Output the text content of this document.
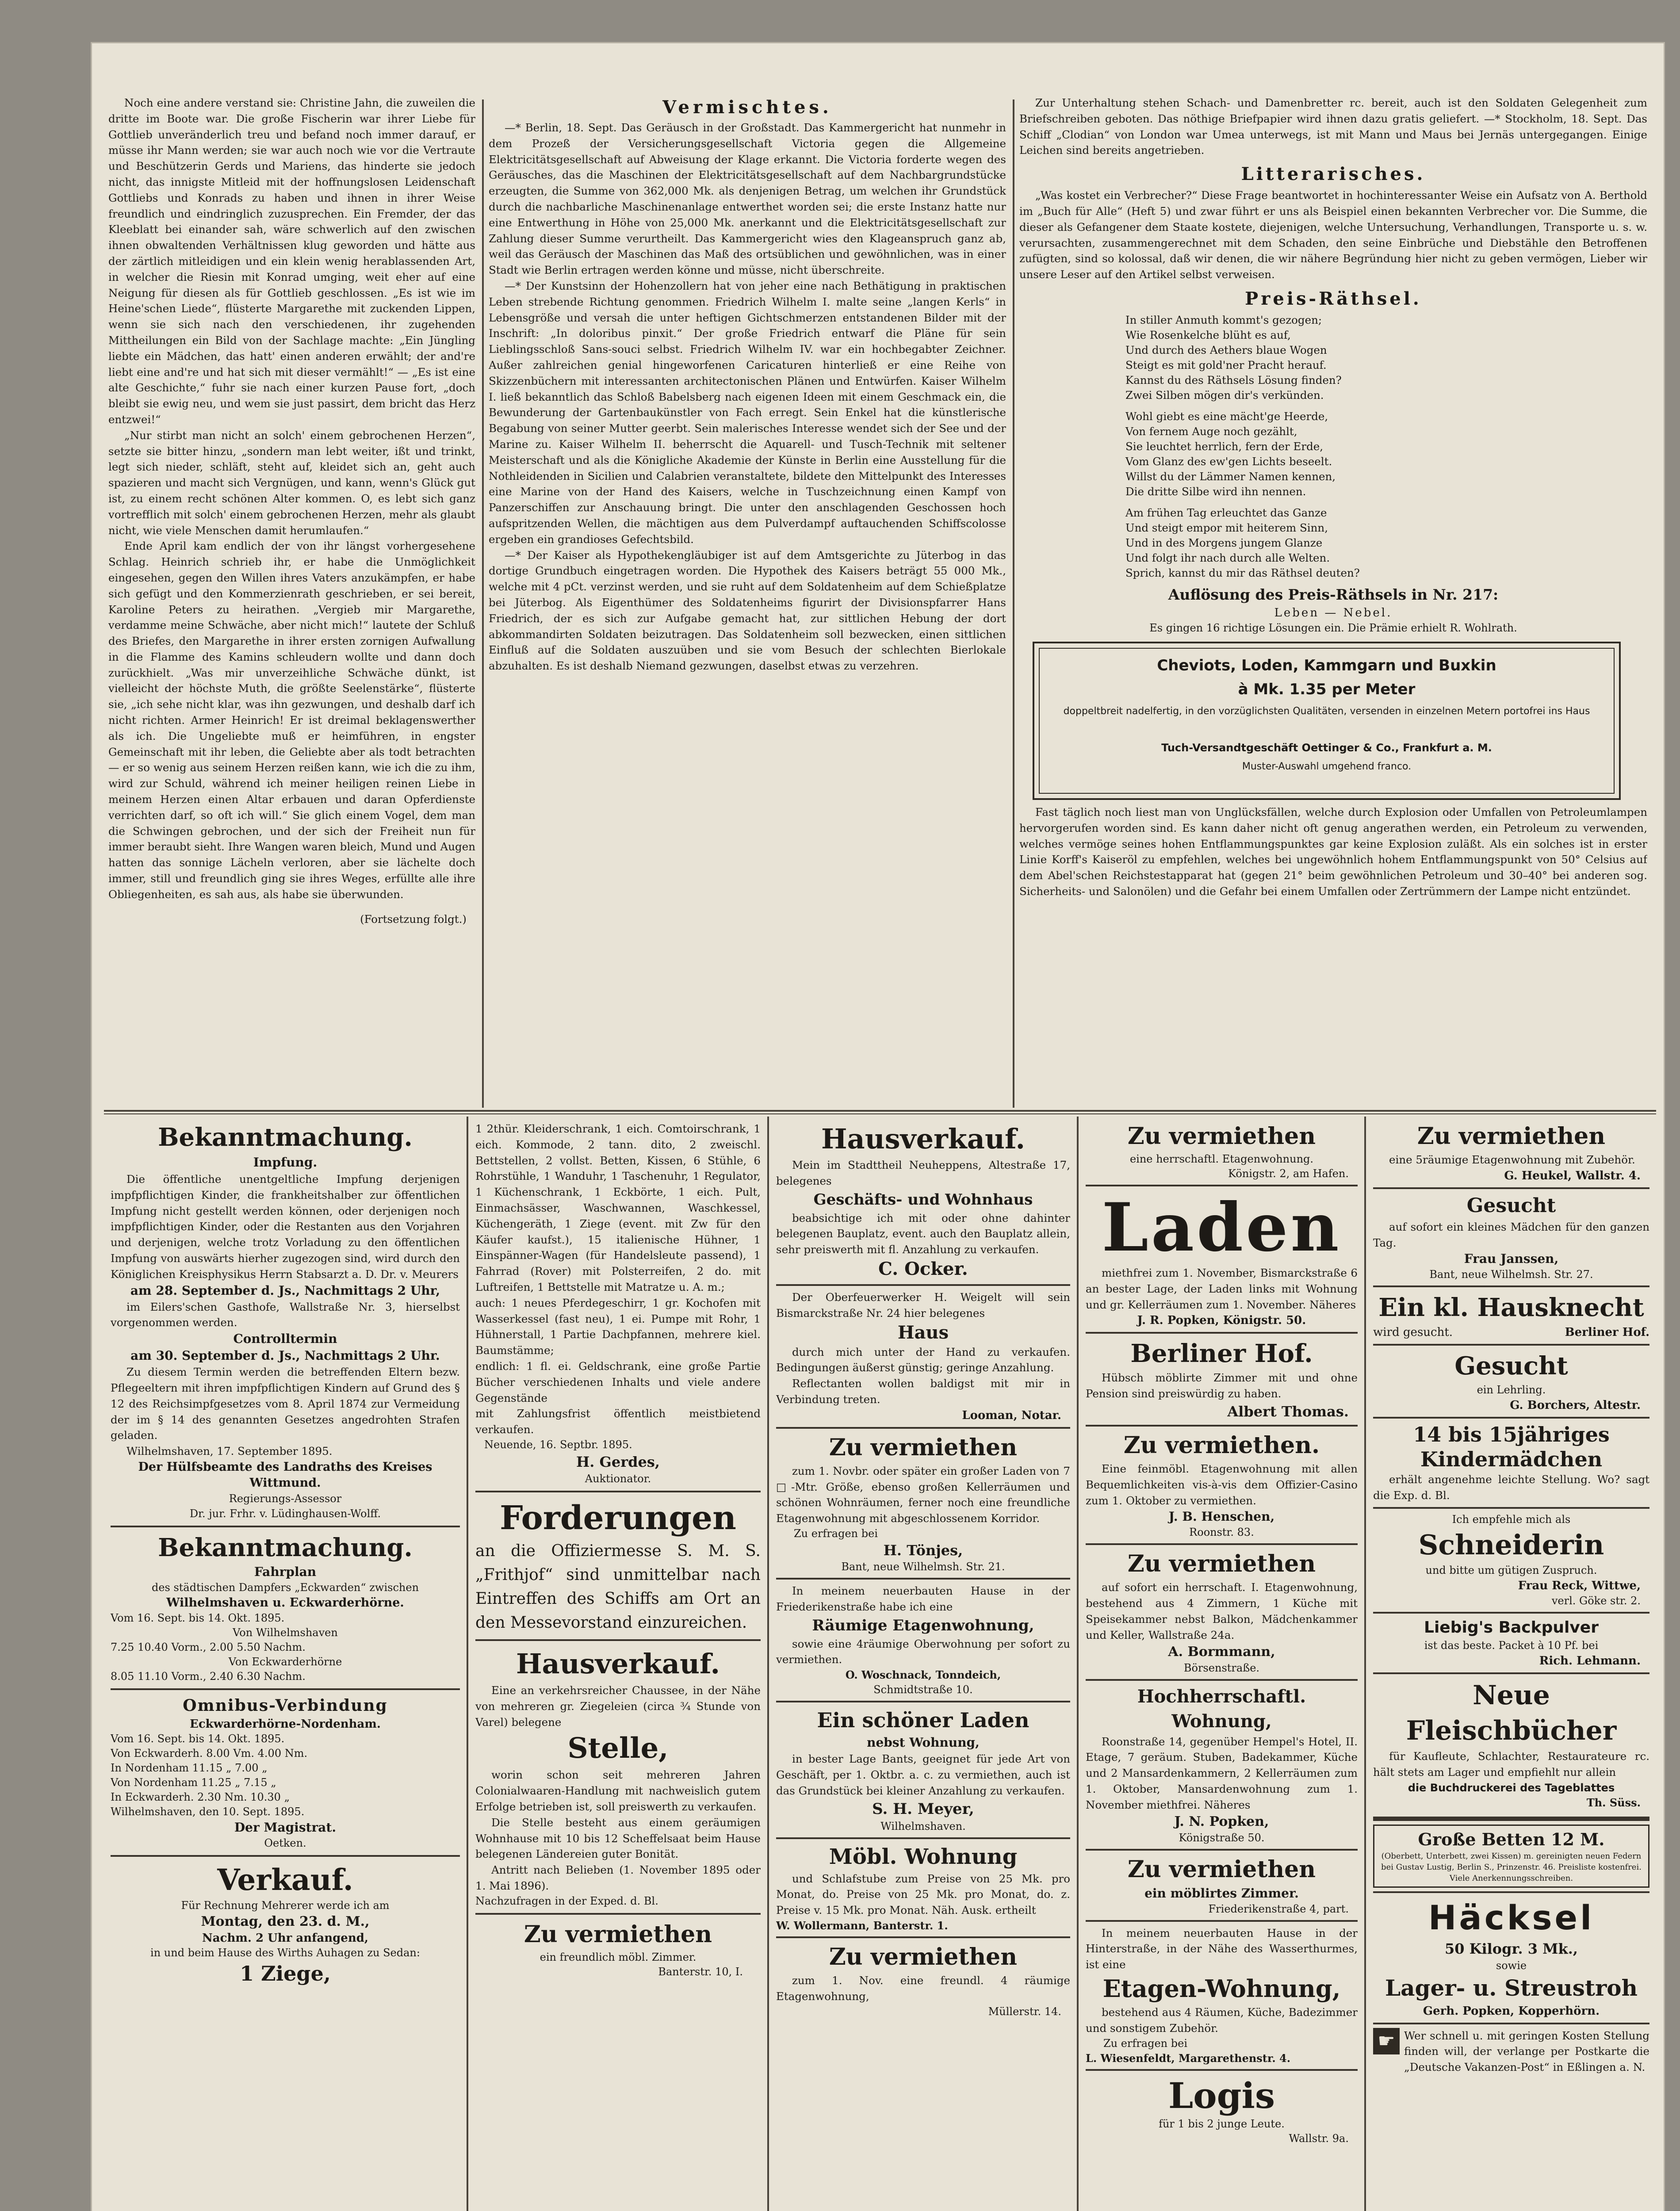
Noch eine andere verstand sie: Christine Jahn, die zuweilen die dritte im Boote war. Die große Fischerin war ihrer Liebe für Gottlieb unveränderlich treu und befand noch immer darauf, er müsse ihr Mann werden; sie war auch noch wie vor die Vertraute und Beschützerin Gerds und Mariens, das hinderte sie jedoch nicht, das innigste Mitleid mit der hoffnungslosen Leidenschaft Gottliebs und Konrads zu haben und ihnen in ihrer Weise freundlich und eindringlich zuzusprechen. Ein Fremder, der das Kleeblatt bei einander sah, wäre schwerlich auf den zwischen ihnen obwaltenden Verhältnissen klug geworden und hätte aus der zärtlich mitleidigen und ein klein wenig herablassenden Art, in welcher die Riesin mit Konrad umging, weit eher auf eine Neigung für diesen als für Gottlieb geschlossen. „Es ist wie im Heine'schen Liede“, flüsterte Margarethe mit zuckenden Lippen, wenn sie sich nach den verschiedenen, ihr zugehenden Mittheilungen ein Bild von der Sachlage machte: „Ein Jüngling liebte ein Mädchen, das hatt' einen anderen erwählt; der and're liebt eine and're und hat sich mit dieser vermählt!“ — „Es ist eine alte Geschichte,“ fuhr sie nach einer kurzen Pause fort, „doch bleibt sie ewig neu, und wem sie just passirt, dem bricht das Herz entzwei!“

„Nur stirbt man nicht an solch' einem gebrochenen Herzen“, setzte sie bitter hinzu, „sondern man lebt weiter, ißt und trinkt, legt sich nieder, schläft, steht auf, kleidet sich an, geht auch spazieren und macht sich Vergnügen, und kann, wenn's Glück gut ist, zu einem recht schönen Alter kommen. O, es lebt sich ganz vortrefflich mit solch' einem gebrochenen Herzen, mehr als glaubt nicht, wie viele Menschen damit herumlaufen.“

Ende April kam endlich der von ihr längst vorhergesehene Schlag. Heinrich schrieb ihr, er habe die Unmöglichkeit eingesehen, gegen den Willen ihres Vaters anzukämpfen, er habe sich gefügt und den Kommerzienrath geschrieben, er sei bereit, Karoline Peters zu heirathen. „Vergieb mir Margarethe, verdamme meine Schwäche, aber nicht mich!“ lautete der Schluß des Briefes, den Margarethe in ihrer ersten zornigen Aufwallung in die Flamme des Kamins schleudern wollte und dann doch zurückhielt. „Was mir unverzeihliche Schwäche dünkt, ist vielleicht der höchste Muth, die größte Seelenstärke“, flüsterte sie, „ich sehe nicht klar, was ihn gezwungen, und deshalb darf ich nicht richten. Armer Heinrich! Er ist dreimal beklagenswerther als ich. Die Ungeliebte muß er heimführen, in engster Gemeinschaft mit ihr leben, die Geliebte aber als todt betrachten — er so wenig aus seinem Herzen reißen kann, wie ich die zu ihm, wird zur Schuld, während ich meiner heiligen reinen Liebe in meinem Herzen einen Altar erbauen und daran Opferdienste verrichten darf, so oft ich will.“ Sie glich einem Vogel, dem man die Schwingen gebrochen, und der sich der Freiheit nun für immer beraubt sieht. Ihre Wangen waren bleich, Mund und Augen hatten das sonnige Lächeln verloren, aber sie lächelte doch immer, still und freundlich ging sie ihres Weges, erfüllte alle ihre Obliegenheiten, es sah aus, als habe sie überwunden.

(Fortsetzung folgt.)

Vermischtes.

—* Berlin, 18. Sept. Das Geräusch in der Großstadt. Das Kammergericht hat nunmehr in dem Prozeß der Versicherungsgesellschaft Victoria gegen die Allgemeine Elektricitätsgesellschaft auf Abweisung der Klage erkannt. Die Victoria forderte wegen des Geräusches, das die Maschinen der Elektricitätsgesellschaft auf dem Nachbargrundstücke erzeugten, die Summe von 362,000 Mk. als denjenigen Betrag, um welchen ihr Grundstück durch die nachbarliche Maschinenanlage entwerthet worden sei; die erste Instanz hatte nur eine Entwerthung in Höhe von 25,000 Mk. anerkannt und die Elektricitätsgesellschaft zur Zahlung dieser Summe verurtheilt. Das Kammergericht wies den Klageanspruch ganz ab, weil das Geräusch der Maschinen das Maß des ortsüblichen und gewöhnlichen, was in einer Stadt wie Berlin ertragen werden könne und müsse, nicht überschreite.

—* Der Kunstsinn der Hohenzollern hat von jeher eine nach Bethätigung in praktischen Leben strebende Richtung genommen. Friedrich Wilhelm I. malte seine „langen Kerls“ in Lebensgröße und versah die unter heftigen Gichtschmerzen entstandenen Bilder mit der Inschrift: „In doloribus pinxit.“ Der große Friedrich entwarf die Pläne für sein Lieblingsschloß Sans-souci selbst. Friedrich Wilhelm IV. war ein hochbegabter Zeichner. Außer zahlreichen genial hingeworfenen Caricaturen hinterließ er eine Reihe von Skizzenbüchern mit interessanten architectonischen Plänen und Entwürfen. Kaiser Wilhelm I. ließ bekanntlich das Schloß Babelsberg nach eigenen Ideen mit einem Geschmack ein, die Bewunderung der Gartenbaukünstler von Fach erregt. Sein Enkel hat die künstlerische Begabung von seiner Mutter geerbt. Sein malerisches Interesse wendet sich der See und der Marine zu. Kaiser Wilhelm II. beherrscht die Aquarell- und Tusch-Technik mit seltener Meisterschaft und als die Königliche Akademie der Künste in Berlin eine Ausstellung für die Nothleidenden in Sicilien und Calabrien veranstaltete, bildete den Mittelpunkt des Interesses eine Marine von der Hand des Kaisers, welche in Tuschzeichnung einen Kampf von Panzerschiffen zur Anschauung bringt. Die unter den anschlagenden Geschossen hoch aufspritzenden Wellen, die mächtigen aus dem Pulverdampf auftauchenden Schiffscolosse ergeben ein grandioses Gefechtsbild.

—* Der Kaiser als Hypothekengläubiger ist auf dem Amtsgerichte zu Jüterbog in das dortige Grundbuch eingetragen worden. Die Hypothek des Kaisers beträgt 55 000 Mk., welche mit 4 pCt. verzinst werden, und sie ruht auf dem Soldatenheim auf dem Schießplatze bei Jüterbog. Als Eigenthümer des Soldatenheims figurirt der Divisionspfarrer Hans Friedrich, der es sich zur Aufgabe gemacht hat, zur sittlichen Hebung der dort abkommandirten Soldaten beizutragen. Das Soldatenheim soll bezwecken, einen sittlichen Einfluß auf die Soldaten auszuüben und sie vom Besuch der schlechten Bierlokale abzuhalten. Es ist deshalb Niemand gezwungen, daselbst etwas zu verzehren.

Zur Unterhaltung stehen Schach- und Damenbretter rc. bereit, auch ist den Soldaten Gelegenheit zum Briefschreiben geboten. Das nöthige Briefpapier wird ihnen dazu gratis geliefert. —* Stockholm, 18. Sept. Das Schiff „Clodian“ von London war Umea unterwegs, ist mit Mann und Maus bei Jernäs untergegangen. Einige Leichen sind bereits angetrieben.

Litterarisches.

„Was kostet ein Verbrecher?“ Diese Frage beantwortet in hochinteressanter Weise ein Aufsatz von A. Berthold im „Buch für Alle“ (Heft 5) und zwar führt er uns als Beispiel einen bekannten Verbrecher vor. Die Summe, die dieser als Gefangener dem Staate kostete, diejenigen, welche Untersuchung, Verhandlungen, Transporte u. s. w. verursachten, zusammengerechnet mit dem Schaden, den seine Einbrüche und Diebstähle den Betroffenen zufügten, sind so kolossal, daß wir denen, die wir nähere Begründung hier nicht zu geben vermögen, Lieber wir unsere Leser auf den Artikel selbst verweisen.

Preis-Räthsel.
In stiller Anmuth kommt's gezogen;
Wie Rosenkelche blüht es auf,
Und durch des Aethers blaue Wogen
Steigt es mit gold'ner Pracht herauf.
Kannst du des Räthsels Lösung finden?
Zwei Silben mögen dir's verkünden.
Wohl giebt es eine mächt'ge Heerde,
Von fernem Auge noch gezählt,
Sie leuchtet herrlich, fern der Erde,
Vom Glanz des ew'gen Lichts beseelt.
Willst du der Lämmer Namen kennen,
Die dritte Silbe wird ihn nennen.
Am frühen Tag erleuchtet das Ganze
Und steigt empor mit heiterem Sinn,
Und in des Morgens jungem Glanze
Und folgt ihr nach durch alle Welten.
Sprich, kannst du mir das Räthsel deuten?
Auflösung des Preis-Räthsels in Nr. 217:
Leben — Nebel.
Es gingen 16 richtige Lösungen ein. Die Prämie erhielt R. Wohlrath.
Cheviots, Loden, Kammgarn und Buxkin
à Mk. 1.35 per Meter
doppeltbreit nadelfertig, in den vorzüglichsten Qualitäten, versenden in einzelnen Metern portofrei ins Haus
Tuch-Versandtgeschäft Oettinger & Co., Frankfurt a. M.
Muster-Auswahl umgehend franco.

Fast täglich noch liest man von Unglücksfällen, welche durch Explosion oder Umfallen von Petroleumlampen hervorgerufen worden sind. Es kann daher nicht oft genug angerathen werden, ein Petroleum zu verwenden, welches vermöge seines hohen Entflammungspunktes gar keine Explosion zuläßt. Als ein solches ist in erster Linie Korff's Kaiseröl zu empfehlen, welches bei ungewöhnlich hohem Entflammungspunkt von 50° Celsius auf dem Abel'schen Reichstestapparat hat (gegen 21° beim gewöhnlichen Petroleum und 30–40° bei anderen sog. Sicherheits- und Salonölen) und die Gefahr bei einem Umfallen oder Zertrümmern der Lampe nicht entzündet.

Bekanntmachung.
Impfung.

Die öffentliche unentgeltliche Impfung derjenigen impfpflichtigen Kinder, die frankheitshalber zur öffentlichen Impfung nicht gestellt werden können, oder derjenigen noch impfpflichtigen Kinder, oder die Restanten aus den Vorjahren und derjenigen, welche trotz Vorladung zu den öffentlichen Impfung von auswärts hierher zugezogen sind, wird durch den Königlichen Kreisphysikus Herrn Stabsarzt a. D. Dr. v. Meurers

am 28. September d. Js., Nachmittags 2 Uhr,

im Eilers'schen Gasthofe, Wallstraße Nr. 3, hierselbst vorgenommen werden.

Controlltermin
am 30. September d. Js., Nachmittags 2 Uhr.

Zu diesem Termin werden die betreffenden Eltern bezw. Pflegeeltern mit ihren impfpflichtigen Kindern auf Grund des § 12 des Reichsimpfgesetzes vom 8. April 1874 zur Vermeidung der im § 14 des genannten Gesetzes angedrohten Strafen geladen.

Wilhelmshaven, 17. September 1895.

Der Hülfsbeamte des Landraths des Kreises Wittmund.
Regierungs-Assessor
Dr. jur. Frhr. v. Lüdinghausen-Wolff.
Bekanntmachung.
Fahrplan
des städtischen Dampfers „Eckwarden“ zwischen
Wilhelmshaven u. Eckwarderhörne.
Vom 16. Sept. bis 14. Okt. 1895.
Von Wilhelmshaven
7.25 10.40 Vorm., 2.00 5.50 Nachm.
Von Eckwarderhörne
8.05 11.10 Vorm., 2.40 6.30 Nachm.
Omnibus-Verbindung
Eckwarderhörne-Nordenham.
Vom 16. Sept. bis 14. Okt. 1895.
Von Eckwarderh. 8.00 Vm. 4.00 Nm.
In Nordenham 11.15 „ 7.00 „
Von Nordenham 11.25 „ 7.15 „
In Eckwarderh. 2.30 Nm. 10.30 „
Wilhelmshaven, den 10. Sept. 1895.
Der Magistrat.
Oetken.
Verkauf.
Für Rechnung Mehrerer werde ich am
Montag, den 23. d. M.,
Nachm. 2 Uhr anfangend,
in und beim Hause des Wirths Auhagen zu Sedan:
1 Ziege,

1 2thür. Kleiderschrank, 1 eich. Comtoirschrank, 1 eich. Kommode, 2 tann. dito, 2 zweischl. Bettstellen, 2 vollst. Betten, Kissen, 6 Stühle, 6 Rohrstühle, 1 Wanduhr, 1 Taschenuhr, 1 Regulator, 1 Küchenschrank, 1 Eckbörte, 1 eich. Pult, Einmachsässer, Waschwannen, Waschkessel, Küchengeräth, 1 Ziege (event. mit Zw für den Käufer kaufst.), 15 italienische Hühner, 1 Einspänner-Wagen (für Handelsleute passend), 1 Fahrrad (Rover) mit Polsterreifen, 2 do. mit Luftreifen, 1 Bettstelle mit Matratze u. A. m.;

auch: 1 neues Pferdegeschirr, 1 gr. Kochofen mit Wasserkessel (fast neu), 1 ei. Pumpe mit Rohr, 1 Hühnerstall, 1 Partie Dachpfannen, mehrere kiel. Baumstämme;

endlich: 1 fl. ei. Geldschrank, eine große Partie Bücher verschiedenen Inhalts und viele andere Gegenstände

mit Zahlungsfrist öffentlich meistbietend verkaufen.

Neuende, 16. Septbr. 1895.
H. Gerdes,
Auktionator.
Forderungen
an die Offiziermesse S. M. S. „Frithjof“ sind unmittelbar nach Eintreffen des Schiffs am Ort an den Messevorstand einzureichen.
Hausverkauf.

Eine an verkehrsreicher Chaussee, in der Nähe von mehreren gr. Ziegeleien (circa ¾ Stunde von Varel) belegene

Stelle,

worin schon seit mehreren Jahren Colonialwaaren-Handlung mit nachweislich gutem Erfolge betrieben ist, soll preiswerth zu verkaufen.

Die Stelle besteht aus einem geräumigen Wohnhause mit 10 bis 12 Scheffelsaat beim Hause belegenen Ländereien guter Bonität.

Antritt nach Belieben (1. November 1895 oder 1. Mai 1896).

Nachzufragen in der Exped. d. Bl.
Zu vermiethen
ein freundlich möbl. Zimmer.
Banterstr. 10, I.
Hausverkauf.

Mein im Stadttheil Neuheppens, Altestraße 17, belegenes

Geschäfts- und Wohnhaus

beabsichtige ich mit oder ohne dahinter belegenen Bauplatz, event. auch den Bauplatz allein, sehr preiswerth mit fl. Anzahlung zu verkaufen.

C. Ocker.

Der Oberfeuerwerker H. Weigelt will sein Bismarckstraße Nr. 24 hier belegenes

Haus

durch mich unter der Hand zu verkaufen. Bedingungen äußerst günstig; geringe Anzahlung.

Reflectanten wollen baldigst mit mir in Verbindung treten.

Looman, Notar.
Zu vermiethen

zum 1. Novbr. oder später ein großer Laden von 7 □-Mtr. Größe, ebenso großen Kellerräumen und schönen Wohnräumen, ferner noch eine freundliche Etagenwohnung mit abgeschlossenem Korridor.

Zu erfragen bei
H. Tönjes,
Bant, neue Wilhelmsh. Str. 21.

In meinem neuerbauten Hause in der Friederikenstraße habe ich eine

Räumige Etagenwohnung,

sowie eine 4räumige Oberwohnung per sofort zu vermiethen.

O. Woschnack, Tonndeich,
Schmidtstraße 10.
Ein schöner Laden
nebst Wohnung,

in bester Lage Bants, geeignet für jede Art von Geschäft, per 1. Oktbr. a. c. zu vermiethen, auch ist das Grundstück bei kleiner Anzahlung zu verkaufen.

S. H. Meyer,
Wilhelmshaven.
Möbl. Wohnung

und Schlafstube zum Preise von 25 Mk. pro Monat, do. Preise von 25 Mk. pro Monat, do. z. Preise v. 15 Mk. pro Monat. Näh. Ausk. ertheilt

W. Wollermann, Banterstr. 1.
Zu vermiethen

zum 1. Nov. eine freundl. 4 räumige Etagenwohnung,

Müllerstr. 14.
Zu vermiethen
eine herrschaftl. Etagenwohnung.
Königstr. 2, am Hafen.
Laden

miethfrei zum 1. November, Bismarckstraße 6 an bester Lage, der Laden links mit Wohnung und gr. Kellerräumen zum 1. November. Näheres

J. R. Popken, Königstr. 50.
Berliner Hof.

Hübsch möblirte Zimmer mit und ohne Pension sind preiswürdig zu haben.

Albert Thomas.
Zu vermiethen.

Eine feinmöbl. Etagenwohnung mit allen Bequemlichkeiten vis-à-vis dem Offizier-Casino zum 1. Oktober zu vermiethen.

J. B. Henschen,
Roonstr. 83.
Zu vermiethen

auf sofort ein herrschaft. I. Etagenwohnung, bestehend aus 4 Zimmern, 1 Küche mit Speisekammer nebst Balkon, Mädchenkammer und Keller, Wallstraße 24a.

A. Bormmann,
Börsenstraße.
Hochherrschaftl. Wohnung,

Roonstraße 14, gegenüber Hempel's Hotel, II. Etage, 7 geräum. Stuben, Badekammer, Küche und 2 Mansardenkammern, 2 Kellerräumen zum 1. Oktober, Mansardenwohnung zum 1. November miethfrei. Näheres

J. N. Popken,
Königstraße 50.
Zu vermiethen
ein möblirtes Zimmer.
Friederikenstraße 4, part.

In meinem neuerbauten Hause in der Hinterstraße, in der Nähe des Wasserthurmes, ist eine

Etagen-Wohnung,

bestehend aus 4 Räumen, Küche, Badezimmer und sonstigem Zubehör.

Zu erfragen bei
L. Wiesenfeldt, Margarethenstr. 4.
Logis
für 1 bis 2 junge Leute.
Wallstr. 9a.
Zu vermiethen

eine 5räumige Etagenwohnung mit Zubehör.

G. Heukel, Wallstr. 4.
Gesucht

auf sofort ein kleines Mädchen für den ganzen Tag.

Frau Janssen,
Bant, neue Wilhelmsh. Str. 27.
Ein kl. Hausknecht
wird gesucht.	Berliner Hof.
Gesucht
ein Lehrling.
G. Borchers, Altestr.
14 bis 15jähriges Kindermädchen

erhält angenehme leichte Stellung. Wo? sagt die Exp. d. Bl.

Ich empfehle mich als
Schneiderin
und bitte um gütigen Zuspruch.
Frau Reck, Wittwe,
verl. Göke str. 2.
Liebig's Backpulver
ist das beste. Packet à 10 Pf. bei
Rich. Lehmann.
Neue Fleischbücher

für Kaufleute, Schlachter, Restaurateure rc. hält stets am Lager und empfiehlt nur allein

die Buchdruckerei des Tageblattes
Th. Süss.
Große Betten 12 M.
(Oberbett, Unterbett, zwei Kissen) m. gereinigten neuen Federn bei Gustav Lustig, Berlin S., Prinzenstr. 46. Preisliste kostenfrei. Viele Anerkennungsschreiben.
Häcksel
50 Kilogr. 3 Mk.,
sowie
Lager- u. Streustroh
Gerh. Popken, Kopperhörn.
☛ Wer schnell u. mit geringen Kosten Stellung finden will, der verlange per Postkarte die „Deutsche Vakanzen-Post“ in Eßlingen a. N.
